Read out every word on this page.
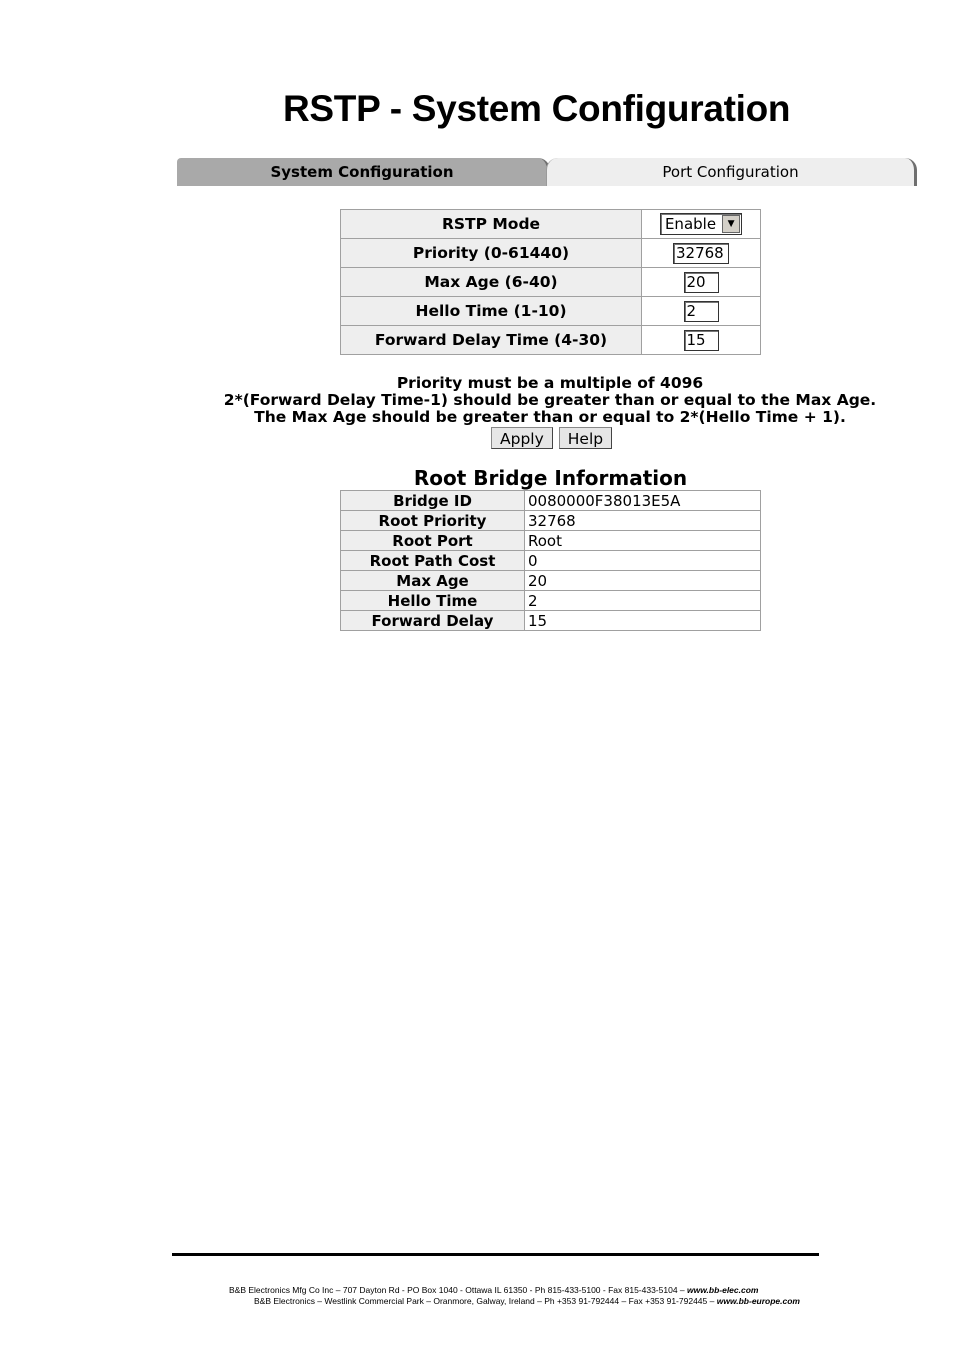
RSTP - System Configuration
System Configuration	Port Configuration
RSTP Mode	Enable ▼

Priority (0-61440)	32768
Max Age (6-40)	20
Hello Time (1-10)	2
Forward Delay Time (4-30)	15
Priority must be a multiple of 4096
2*(Forward Delay Time-1) should be greater than or equal to the Max Age.
The Max Age should be greater than or equal to 2*(Hello Time + 1).
Apply	Help
Root Bridge Information
Bridge ID	0080000F38013E5A
Root Priority	32768
Root Port	Root
Root Path Cost	0
Max Age	20
Hello Time	2
Forward Delay	15
B&B Electronics Mfg Co Inc – 707 Dayton Rd - PO Box 1040 - Ottawa IL 61350 - Ph 815-433-5100 - Fax 815-433-5104 – www.bb-elec.com
B&B Electronics – Westlink Commercial Park – Oranmore, Galway, Ireland – Ph +353 91-792444 – Fax +353 91-792445 – www.bb-europe.com
